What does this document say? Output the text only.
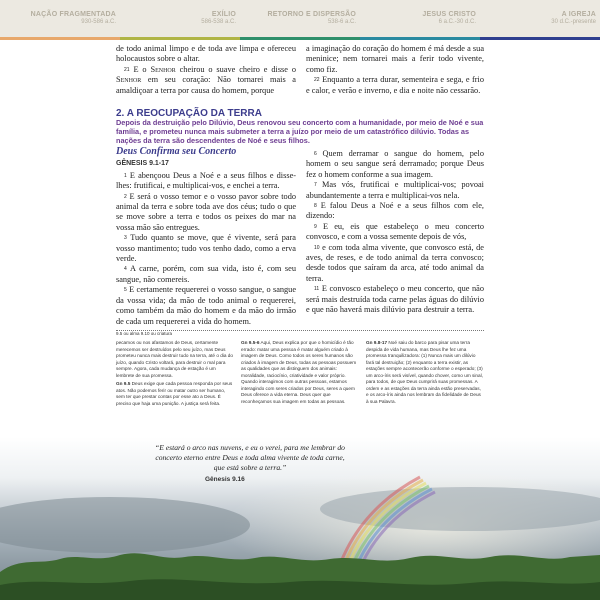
NAÇÃO FRAGMENTADA
930-586 a.C.
EXÍLIO
586-538 a.C.
RETORNO E DISPERSÃO
538-6 a.C.
JESUS CRISTO
6 a.C.-30 d.C.
A IGREJA
30 d.C.-presente

de todo animal limpo e de toda ave limpa e ofereceu holocaustos sobre o altar.

$^{21}$ E o Senhor cheirou o suave cheiro e disse o Senhor em seu coração: Não tornarei mais a amaldiçoar a terra por causa do homem, porque

a imaginação do coração do homem é má desde a sua meninice; nem tornarei mais a ferir todo vivente, como fiz.

$^{22}$ Enquanto a terra durar, sementeira e sega, e frio e calor, e verão e inverno, e dia e noite não cessarão.

2. A REOCUPAÇÃO DA TERRA
Depois da destruição pelo Dilúvio, Deus renovou seu concerto com a humanidade, por meio de Noé e sua família, e prometeu nunca mais submeter a terra a juízo por meio de um catastrófico dilúvio. Todas as nações da terra são descendentes de Noé e seus filhos.
Deus Confirma seu Concerto
GÊNESIS 9.1-17

$^1$ E abençoou Deus a Noé e a seus filhos e disse-lhes: frutificai, e multiplicai-vos, e enchei a terra.

$^2$ E será o vosso temor e o vosso pavor sobre todo animal da terra e sobre toda ave dos céus; tudo o que se move sobre a terra e todos os peixes do mar na vossa mão são entregues.

$^3$ Tudo quanto se move, que é vivente, será para vosso mantimento; tudo vos tenho dado, como a erva verde.

$^4$ A carne, porém, com sua vida, isto é, com seu sangue, não comereis.

$^5$ E certamente requererei o vosso sangue, o sangue da vossa vida; da mão de todo animal o requererei, como também da mão do homem e da mão do irmão de cada um requererei a vida do homem.

9.5 ou alma 9.10 ou criatura

$^6$ Quem derramar o sangue do homem, pelo homem o seu sangue será derramado; porque Deus fez o homem conforme a sua imagem.

$^7$ Mas vós, frutificai e multiplicai-vos; povoai abundantemente a terra e multiplicai-vos nela.

$^8$ E falou Deus a Noé e a seus filhos com ele, dizendo:

$^9$ E eu, eis que estabeleço o meu concerto convosco, e com a vossa semente depois de vós,

$^{10}$ e com toda alma vivente, que convosco está, de aves, de reses, e de todo animal da terra convosco; desde todos que saíram da arca, até todo animal da terra.

$^{11}$ E convosco estabeleço o meu concerto, que não será mais destruída toda carne pelas águas do dilúvio e que não haverá mais dilúvio para destruir a terra.

pecamos ou nos afastamos de Deus, certamente merecemos ser destruídos pelo seu juízo, mas Deus prometeu nunca mais destruir tudo na terra, até o dia do juízo, quando Cristo voltará, para destruir o mal para sempre. Agora, cada mudança de estação é um lembrete de sua promessa.

Gn 9.5 Deus exige que cada pessoa responda por seus atos. Não podemos ferir ou matar outro ser humano, sem ter que prestar contas por esse ato a Deus. É preciso que haja uma punição. A justiça será feita.

Gn 9.5-6 Aqui, Deus explica por que o homicídio é tão errado: matar uma pessoa é matar alguém criado à imagem de Deus. Como todos os seres humanos são criados à imagem de Deus, todas as pessoas possuem as qualidades que as distinguem dos animais: moralidade, raciocínio, criatividade e valor próprio. Quando interagimos com outras pessoas, estamos interagindo com seres criados por Deus, seres a quem Deus oferece a vida eterna. Deus quer que reconheçamos sua imagem em todas as pessoas.

Gn 9.8-17 Noé saiu do barco para pisar uma terra despida de vida humana, mas Deus lhe fez uma promessa tranquilizadora: (1) Nunca mais um dilúvio fará tal destruição; (2) enquanto a terra existir, as estações sempre acontecerão conforme o esperado; (3) um arco-íris será visível, quando chover, como um sinal, para todos, de que Deus cumprirá suas promessas. A ordem e as estações da terra ainda estão preservadas, e os arco-íris ainda nos lembram da fidelidade de Deus à sua Palavra.

“E estará o arco nas nuvens, e eu o verei, para me lembrar do concerto eterno entre Deus e toda alma vivente de toda carne, que está sobre a terra.”
Gênesis 9.16
